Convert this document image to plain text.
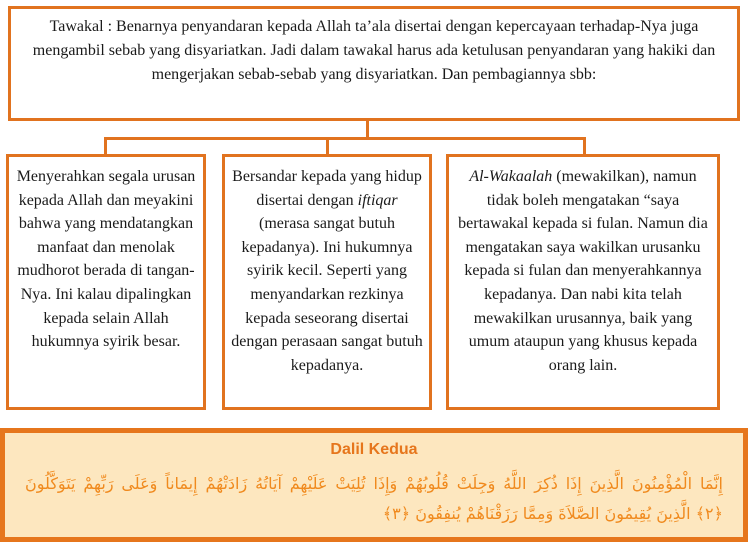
Tawakal : Benarnya penyandaran kepada Allah ta’ala disertai dengan kepercayaan terhadap-Nya juga mengambil sebab yang disyariatkan. Jadi dalam tawakal harus ada ketulusan penyandaran yang hakiki dan mengerjakan sebab-sebab yang disyariatkan. Dan pembagiannya sbb:
Menyerahkan segala urusan kepada Allah dan meyakini bahwa yang mendatangkan manfaat dan menolak mudhorot berada di tangan-Nya. Ini kalau dipalingkan kepada selain Allah hukumnya syirik besar.
Bersandar kepada yang hidup disertai dengan iftiqar (merasa sangat butuh kepadanya). Ini hukumnya syirik kecil. Seperti yang menyandarkan rezkinya kepada seseorang disertai dengan perasaan sangat butuh kepadanya.
Al-Wakaalah (mewakilkan), namun tidak boleh mengatakan “saya bertawakal kepada si fulan. Namun dia mengatakan saya wakilkan urusanku kepada si fulan dan menyerahkannya kepadanya. Dan nabi kita telah mewakilkan urusannya, baik yang umum ataupun yang khusus kepada orang lain.
Dalil Kedua
إِنَّمَا الْمُؤْمِنُونَ الَّذِينَ إِذَا ذُكِرَ اللَّهُ وَجِلَتْ قُلُوبُهُمْ وَإِذَا تُلِيَتْ عَلَيْهِمْ آيَاتُهُ زَادَتْهُمْ إِيمَاناً وَعَلَى رَبِّهِمْ يَتَوَكَّلُونَ
﴿٢﴾ الَّذِينَ يُقِيمُونَ الصَّلاَةَ وَمِمَّا رَزَقْنَاهُمْ يُنفِقُونَ ﴿٣﴾
